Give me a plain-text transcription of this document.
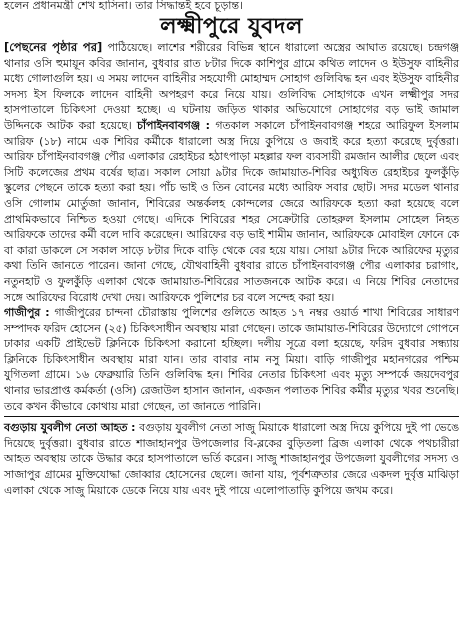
হলেন প্রধানমন্ত্রী শেখ হাসিনা। তার সিদ্ধান্তই হবে চূড়ান্ত।

লক্ষ্মীপুরে যুবদল

[পেছনের পৃষ্ঠার পর] পাঠিয়েছে। লাশের শরীরের বিভিন্ন স্থানে ধারালো অস্ত্রের আঘাত রয়েছে। চন্দ্রগঞ্জ থানার ওসি হুমায়ূন কবির জানান, বুধবার রাত ৮টার দিকে কাশিপুর গ্রামে কথিত লাদেন ও ইউসুফ বাহিনীর মধ্যে গোলাগুলি হয়। এ সময় লাদেন বাহিনীর সহযোগী মোহাম্মদ সোহাগ গুলিবিদ্ধ হন এবং ইউসুফ বাহিনীর সদস্য ইস ফিলকে লাদেন বাহিনী অপহরণ করে নিয়ে যায়। গুলিবিদ্ধ সোহাগকে এখন লক্ষ্মীপুর সদর হাসপাতালে চিকিৎসা দেওয়া হচ্ছে। এ ঘটনায় জড়িত থাকার অভিযোগে সোহাগের বড় ভাই জামাল উদ্দিনকে আটক করা হয়েছে। চাঁপাইনবাবগঞ্জ : গতকাল সকালে চাঁপাইনবাবগঞ্জ শহরে আরিফুল ইসলাম আরিফ (১৮) নামে এক শিবির কর্মীকে ধারালো অস্ত্র দিয়ে কুপিয়ে ও জবাই করে হত্যা করেছে দুর্বৃত্তরা। আরিফ চাঁপাইনবাবগঞ্জ পৌর এলাকার রেহাইচর হঠাৎপাড়া মহল্লার ফল ব্যবসায়ী রমজান আলীর ছেলে এবং সিটি কলেজের প্রথম বর্ষের ছাত্র। সকাল সোয়া ৯টার দিকে জামায়াত-শিবির অধ্যুষিত রেহাইচর ফুলকুঁড়ি স্কুলের পেছনে তাকে হত্যা করা হয়। পাঁচ ভাই ও তিন বোনের মধ্যে আরিফ সবার ছোট। সদর মডেল থানার ওসি গোলাম মোর্তুজা জানান, শিবিরের অন্তর্কলহ কোন্দলের জেরে আরিফকে হত্যা করা হয়েছে বলে প্রাথমিকভাবে নিশ্চিত হওয়া গেছে। এদিকে শিবিরের শহর সেক্রেটারি তোহরুল ইসলাম সোহেল নিহত আরিফকে তাদের কর্মী বলে দাবি করেছেন। আরিফের বড় ভাই শামীম জানান, আরিফকে মোবাইল ফোনে কে বা কারা ডাকলে সে সকাল সাড়ে ৮টার দিকে বাড়ি থেকে বের হয়ে যায়। সোয়া ৯টার দিকে আরিফের মৃত্যুর কথা তিনি জানতে পারেন। জানা গেছে, যৌথবাহিনী বুধবার রাতে চাঁপাইনবাবগঞ্জ পৌর এলাকার চরাগাং, নতুনহাট ও ফুলকুঁড়ি এলাকা থেকে জামায়াত-শিবিরের সাতজনকে আটক করে। এ নিয়ে শিবির নেতাদের সঙ্গে আরিফের বিরোধ দেখা দেয়। আরিফকে পুলিশের চর বলে সন্দেহ করা হয়।

গাজীপুর : গাজীপুরের চান্দনা চৌরাস্তায় পুলিশের গুলিতে আহত ১৭ নম্বর ওয়ার্ড শাখা শিবিরের সাধারণ সম্পাদক ফরিদ হোসেন (২৫) চিকিৎসাধীন অবস্থায় মারা গেছেন। তাকে জামায়াত-শিবিরের উদ্যোগে গোপনে ঢাকার একটি প্রাইভেট ক্লিনিকে চিকিৎসা করানো হচ্ছিল। দলীয় সূত্রে বলা হয়েছে, ফরিদ বুধবার সন্ধ্যায় ক্লিনিকে চিকিৎসাধীন অবস্থায় মারা যান। তার বাবার নাম নসু মিয়া। বাড়ি গাজীপুর মহানগরের পশ্চিম যুগিতলা গ্রামে। ১৬ ফেব্রুয়ারি তিনি গুলিবিদ্ধ হন। শিবির নেতার চিকিৎসা এবং মৃত্যু সম্পর্কে জয়দেবপুর থানার ভারপ্রাপ্ত কর্মকর্তা (ওসি) রেজাউল হাসান জানান, একজন পলাতক শিবির কর্মীর মৃত্যুর খবর শুনেছি। তবে কখন কীভাবে কোথায় মারা গেছেন, তা জানতে পারিনি।

বগুড়ায় যুবলীগ নেতা আহত : বগুড়ায় যুবলীগ নেতা সাজু মিয়াকে ধারালো অস্ত্র দিয়ে কুপিয়ে দুই পা ভেঙে দিয়েছে দুর্বৃত্তরা। বুধবার রাতে শাজাহানপুর উপজেলার বি-ব্লকের বুড়িতলা ব্রিজ এলাকা থেকে পথচারীরা আহত অবস্থায় তাকে উদ্ধার করে হাসপাতালে ভর্তি করেন। সাজু শাজাহানপুর উপজেলা যুবলীগের সদস্য ও সাজাপুর গ্রামের মুক্তিযোদ্ধা জোব্বার হোসেনের ছেলে। জানা যায়, পূর্বশত্রুতার জেরে একদল দুর্বৃত্ত মাঝিড়া এলাকা থেকে সাজু মিয়াকে ডেকে নিয়ে যায় এবং দুই পায়ে এলোপাতাড়ি কুপিয়ে জখম করে।
